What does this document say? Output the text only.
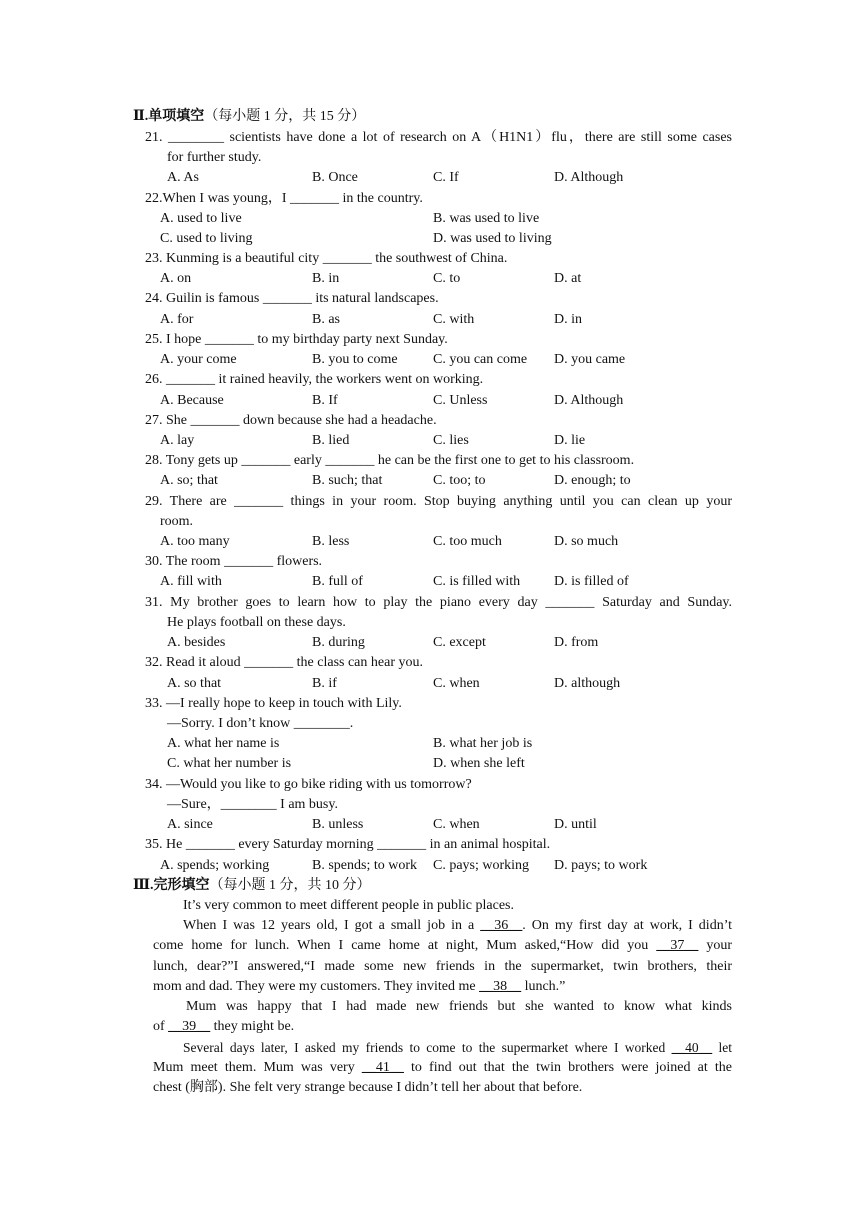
Ⅱ.单项填空（每小题 1 分，共 15 分）
21. ________ scientists have done a lot of research on A（H1N1）flu，there are still some cases
for further study.
A. As	B. Once	C. If	D. Although
22.When I was young，I _______ in the country.
A. used to live	B. was used to live
C. used to living	D. was used to living
23. Kunming is a beautiful city _______ the southwest of China.
A. on	B. in	C. to	D. at
24. Guilin is famous _______ its natural landscapes.
A. for	B. as	C. with	D. in
25. I hope _______ to my birthday party next Sunday.
A. your come	B. you to come	C. you can come D. you came
26. _______ it rained heavily, the workers went on working.
A. Because	B. If	C. Unless	D. Although
27. She _______ down because she had a headache.
A. lay	B. lied	C. lies	D. lie
28. Tony gets up _______ early _______ he can be the first one to get to his classroom.
A. so; that	B. such; that	C. too; to	D. enough; to
29. There are _______ things in your room. Stop buying anything until you can clean up your
room.
A. too many	B. less	C. too much	D. so much
30. The room _______ flowers.
A. fill with	B. full of	C. is filled with D. is filled of
31. My brother goes to learn how to play the piano every day _______ Saturday and Sunday.
He plays football on these days.
A. besides	B. during	C. except	D. from
32. Read it aloud _______ the class can hear you.
A. so that	B. if	C. when	D. although
33. —I really hope to keep in touch with Lily.
—Sorry. I don’t know ________.
A. what her name is	B. what her job is
C. what her number is	D. when she left
34. —Would you like to go bike riding with us tomorrow?
—Sure，________ I am busy.
A. since	B. unless	C. when	D. until
35. He _______ every Saturday morning _______ in an animal hospital.
A. spends; working	B. spends; to work C. pays; working D. pays; to work
Ⅲ.完形填空（每小题 1 分，共 10 分）
It’s very common to meet different people in public places.
When I was 12 years old, I got a small job in a __36__. On my first day at work, I didn’t
come home for lunch. When I came home at night, Mum asked,“How did you __37__ your
lunch, dear?”I answered,“I made some new friends in the supermarket, twin brothers, their
mom and dad. They were my customers. They invited me __38__ lunch.”
Mum was happy that I had made new friends but she wanted to know what kinds
of __39__ they might be.
Several days later, I asked my friends to come to the supermarket where I worked __40__ let
Mum meet them. Mum was very __41__ to find out that the twin brothers were joined at the
chest (胸部). She felt very strange because I didn’t tell her about that before.
